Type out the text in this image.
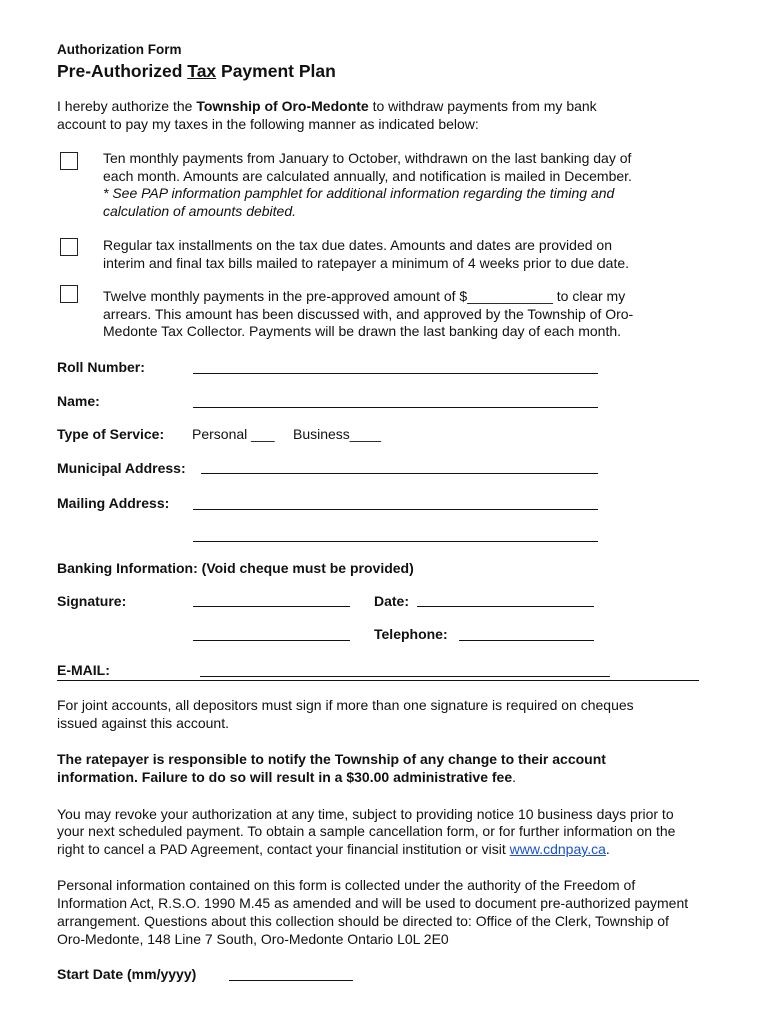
Authorization Form
Pre-Authorized Tax Payment Plan
I hereby authorize the Township of Oro-Medonte to withdraw payments from my bank
account to pay my taxes in the following manner as indicated below:
Ten monthly payments from January to October, withdrawn on the last banking day of
each month. Amounts are calculated annually, and notification is mailed in December.
* See PAP information pamphlet for additional information regarding the timing and
calculation of amounts debited.
Regular tax installments on the tax due dates. Amounts and dates are provided on
interim and final tax bills mailed to ratepayer a minimum of 4 weeks prior to due date.
Twelve monthly payments in the pre-approved amount of $___________ to clear my
arrears. This amount has been discussed with, and approved by the Township of Oro-
Medonte Tax Collector. Payments will be drawn the last banking day of each month.
Roll Number:
Name:
Type of Service: Personal ___ Business____
Municipal Address:
Mailing Address:
Banking Information: (Void cheque must be provided)
Signature:	Date:
Telephone:
E-MAIL:
For joint accounts, all depositors must sign if more than one signature is required on cheques
issued against this account.
The ratepayer is responsible to notify the Township of any change to their account
information. Failure to do so will result in a $30.00 administrative fee.
You may revoke your authorization at any time, subject to providing notice 10 business days prior to
your next scheduled payment. To obtain a sample cancellation form, or for further information on the
right to cancel a PAD Agreement, contact your financial institution or visit www.cdnpay.ca.
Personal information contained on this form is collected under the authority of the Freedom of
Information Act, R.S.O. 1990 M.45 as amended and will be used to document pre-authorized payment
arrangement. Questions about this collection should be directed to: Office of the Clerk, Township of
Oro-Medonte, 148 Line 7 South, Oro-Medonte Ontario L0L 2E0
Start Date (mm/yyyy)
